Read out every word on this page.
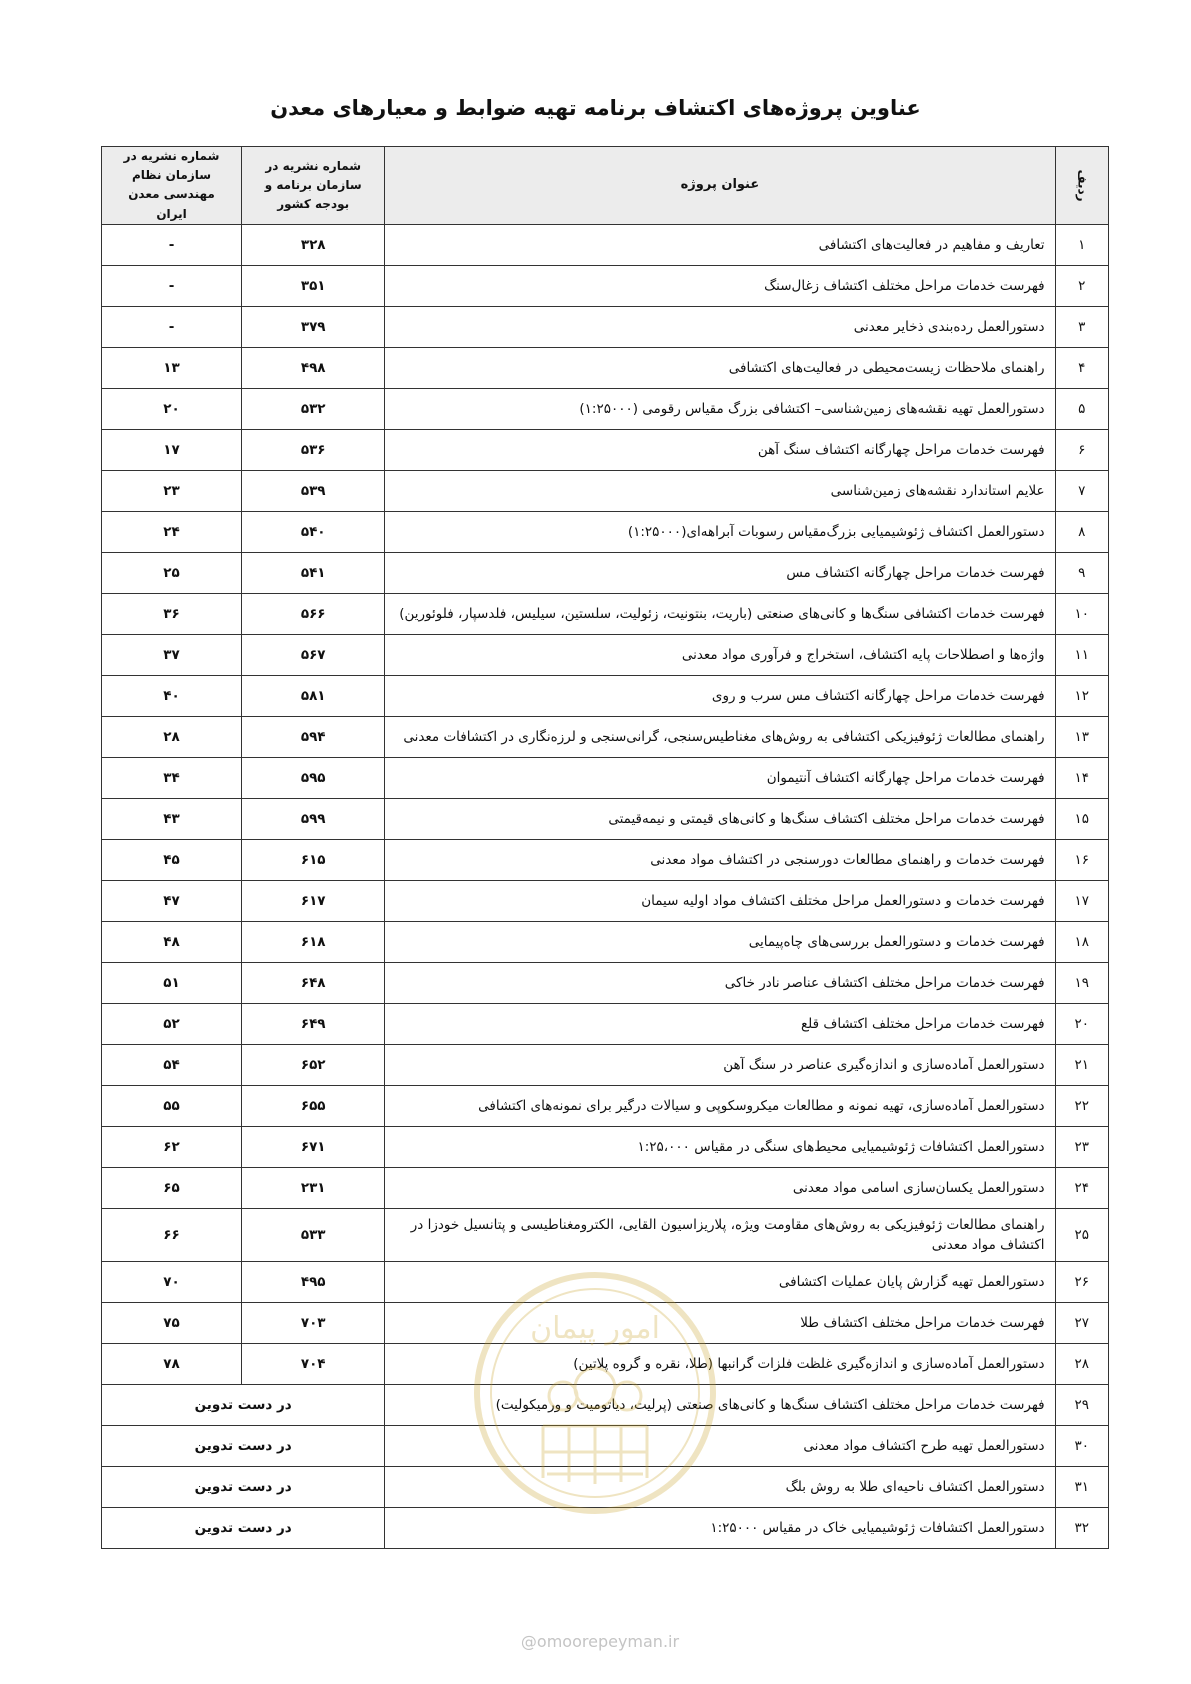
عناوین پروژه‌های اکتشاف برنامه تهیه ضوابط و معیارهای معدن
ردیف	عنوان پروژه	شماره نشریه در سازمان برنامه و بودجه کشور	شماره نشریه در سازمان نظام مهندسی معدن ایران
۱	تعاریف و مفاهیم در فعالیت‌های اکتشافی	۳۲۸	-
۲	فهرست خدمات مراحل مختلف اکتشاف زغال‌سنگ	۳۵۱	-
۳	دستورالعمل رده‌بندی ذخایر معدنی	۳۷۹	-
۴	راهنمای ملاحظات زیست‌محیطی در فعالیت‌های اکتشافی	۴۹۸	۱۳
۵	دستورالعمل تهیه نقشه‌های زمین‌شناسی– اکتشافی بزرگ مقیاس رقومی (۱:۲۵۰۰۰)	۵۳۲	۲۰
۶	فهرست خدمات مراحل چهارگانه اکتشاف سنگ آهن	۵۳۶	۱۷
۷	علایم استاندارد نقشه‌های زمین‌شناسی	۵۳۹	۲۳
۸	دستورالعمل اکتشاف ژئوشیمیایی بزرگ‌مقیاس رسوبات آبراهه‌ای(۱:۲۵۰۰۰)	۵۴۰	۲۴
۹	فهرست خدمات مراحل چهارگانه اکتشاف مس	۵۴۱	۲۵
۱۰	فهرست خدمات اکتشافی سنگ‌ها و کانی‌های صنعتی (باریت، بنتونیت، زئولیت، سلستین، سیلیس، فلدسپار، فلوئورین)	۵۶۶	۳۶
۱۱	واژه‌ها و اصطلاحات پایه اکتشاف، استخراج و فرآوری مواد معدنی	۵۶۷	۳۷
۱۲	فهرست خدمات مراحل چهارگانه اکتشاف مس سرب و روی	۵۸۱	۴۰
۱۳	راهنمای مطالعات ژئوفیزیکی اکتشافی به روش‌های مغناطیس‌سنجی، گرانی‌سنجی و لرزه‌نگاری در اکتشافات معدنی	۵۹۴	۲۸
۱۴	فهرست خدمات مراحل چهارگانه اکتشاف آنتیموان	۵۹۵	۳۴
۱۵	فهرست خدمات مراحل مختلف اکتشاف سنگ‌ها و کانی‌های قیمتی و نیمه‌قیمتی	۵۹۹	۴۳
۱۶	فهرست خدمات و راهنمای مطالعات دورسنجی در اکتشاف مواد معدنی	۶۱۵	۴۵
۱۷	فهرست خدمات و دستورالعمل مراحل مختلف اکتشاف مواد اولیه سیمان	۶۱۷	۴۷
۱۸	فهرست خدمات و دستورالعمل بررسی‌های چاه‌پیمایی	۶۱۸	۴۸
۱۹	فهرست خدمات مراحل مختلف اکتشاف عناصر نادر خاکی	۶۴۸	۵۱
۲۰	فهرست خدمات مراحل مختلف اکتشاف قلع	۶۴۹	۵۲
۲۱	دستورالعمل آماده‌سازی و اندازه‌گیری عناصر در سنگ آهن	۶۵۲	۵۴
۲۲	دستورالعمل آماده‌سازی، تهیه نمونه و مطالعات میکروسکوپی و سیالات درگیر برای نمونه‌های اکتشافی	۶۵۵	۵۵
۲۳	دستورالعمل اکتشافات ژئوشیمیایی محیط‌های سنگی در مقیاس ۱:۲۵،۰۰۰	۶۷۱	۶۲
۲۴	دستورالعمل یکسان‌سازی اسامی مواد معدنی	۲۳۱	۶۵
۲۵	راهنمای مطالعات ژئوفیزیکی به روش‌های مقاومت ویژه، پلاریزاسیون القایی، الکترومغناطیسی و پتانسیل خودزا در اکتشاف مواد معدنی	۵۳۳	۶۶
۲۶	دستورالعمل تهیه گزارش پایان عملیات اکتشافی	۴۹۵	۷۰
۲۷	فهرست خدمات مراحل مختلف اکتشاف طلا	۷۰۳	۷۵
۲۸	دستورالعمل آماده‌سازی و اندازه‌گیری غلظت فلزات گرانبها (طلا، نقره و گروه پلاتین)	۷۰۴	۷۸
۲۹	فهرست خدمات مراحل مختلف اکتشاف سنگ‌ها و کانی‌های صنعتی (پرلیت، دیاتومیت و ورمیکولیت)	در دست تدوین	
۳۰	دستورالعمل تهیه طرح اکتشاف مواد معدنی	در دست تدوین	
۳۱	دستورالعمل اکتشاف ناحیه‌ای طلا به روش بلگ	در دست تدوین	
۳۲	دستورالعمل اکتشافات ژئوشیمیایی خاک در مقیاس ۱:۲۵۰۰۰	در دست تدوین	
امور پیمان
@omoorepeyman.ir
